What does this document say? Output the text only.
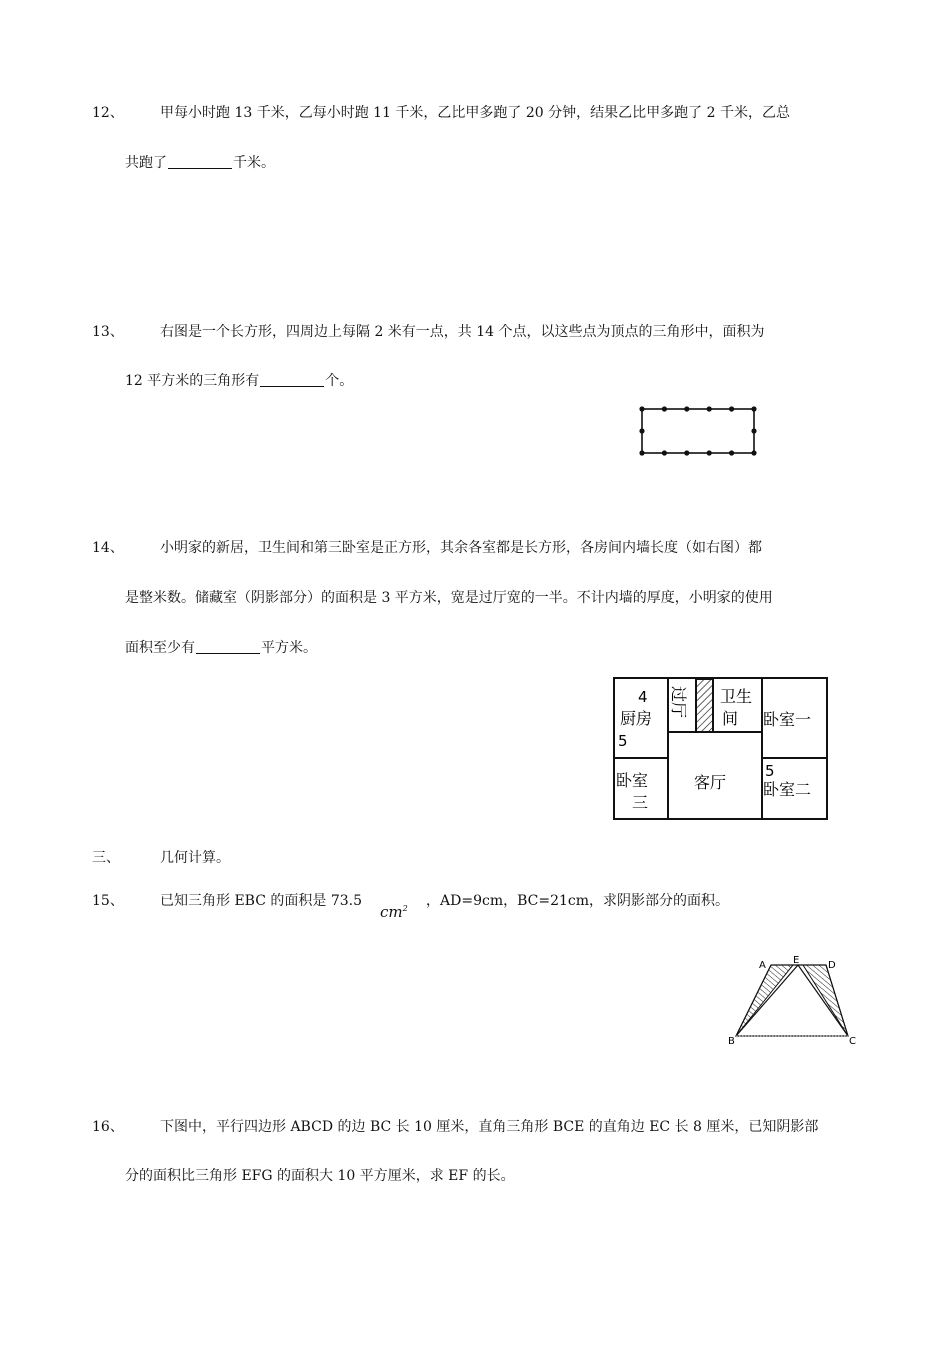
12、	甲每小时跑 13 千米，乙每小时跑 11 千米，乙比甲多跑了 20 分钟，结果乙比甲多跑了 2 千米，乙总
共跑了	千米。
13、	右图是一个长方形，四周边上每隔 2 米有一点，共 14 个点，以这些点为顶点的三角形中，面积为
12 平方米的三角形有	个。
14、	小明家的新居，卫生间和第三卧室是正方形，其余各室都是长方形，各房间内墙长度（如右图）都
是整米数。储藏室（阴影部分）的面积是 3 平方米，宽是过厅宽的一半。不计内墙的厚度，小明家的使用
面积至少有	平方米。
4
厨房
5
过厅 卫生
间 卧室一
卧室
三
客厅
5
卧室二
三、	几何计算。
15、	已知三角形 EBC 的面积是 73.5
$cm^2$ ，AD=9cm，BC=21cm，求阴影部分的面积。
A	E	D
B	C
16、	下图中，平行四边形 ABCD 的边 BC 长 10 厘米，直角三角形 BCE 的直角边 EC 长 8 厘米，已知阴影部
分的面积比三角形 EFG 的面积大 10 平方厘米，求 EF 的长。
